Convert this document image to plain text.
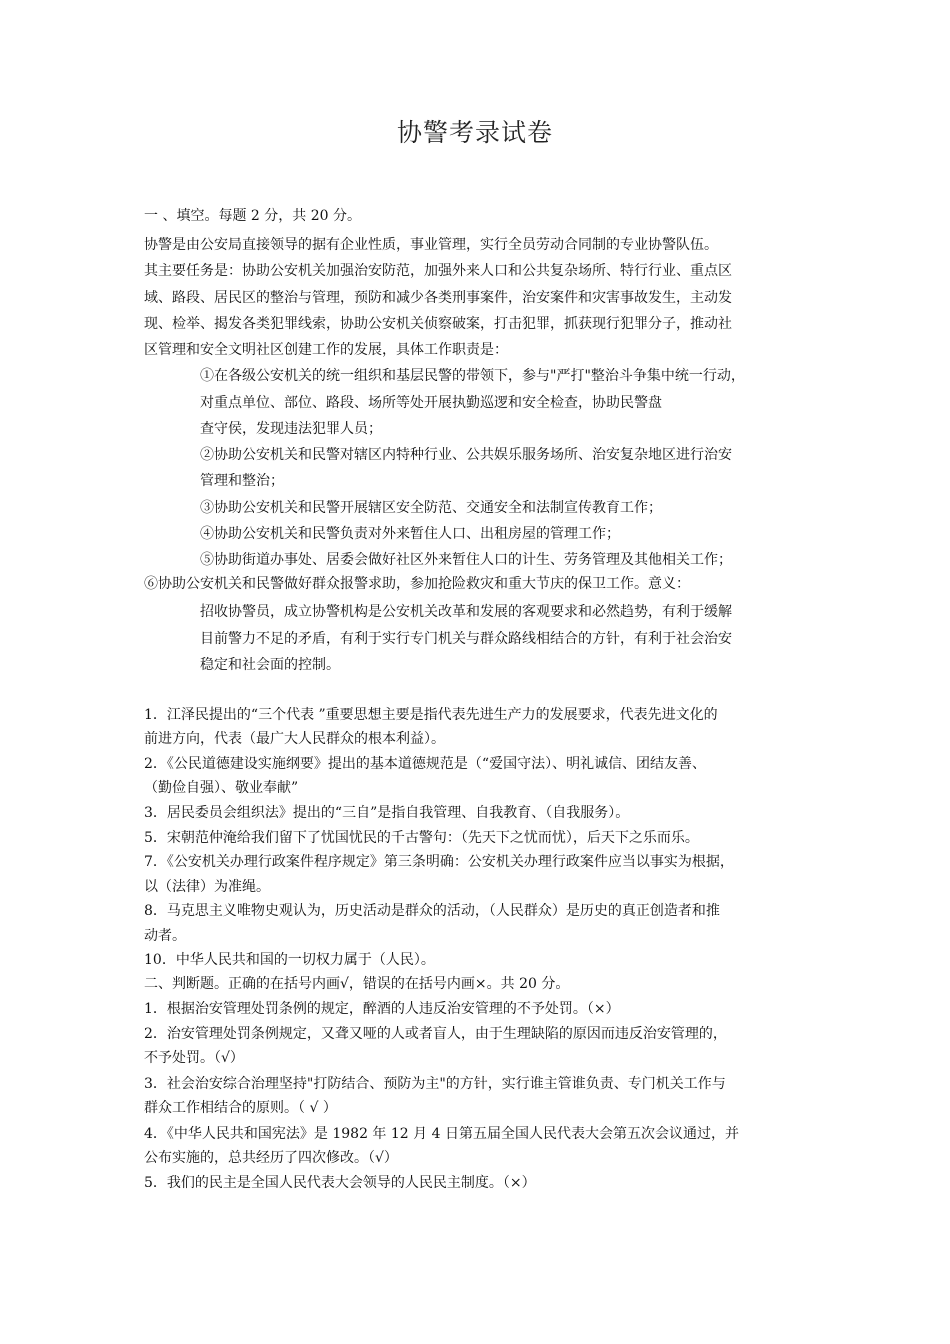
协警考录试卷
一 、填空。每题 2 分，共 20 分。
协警是由公安局直接领导的据有企业性质，事业管理，实行全员劳动合同制的专业协警队伍。
其主要任务是：协助公安机关加强治安防范，加强外来人口和公共复杂场所、特行行业、重点区
域、路段、居民区的整治与管理，预防和减少各类刑事案件，治安案件和灾害事故发生，主动发
现、检举、揭发各类犯罪线索，协助公安机关侦察破案，打击犯罪，抓获现行犯罪分子，推动社
区管理和安全文明社区创建工作的发展，具体工作职责是：
①在各级公安机关的统一组织和基层民警的带领下，参与"严打"整治斗争集中统一行动，
对重点单位、部位、路段、场所等处开展执勤巡逻和安全检查，协助民警盘
查守侯，发现违法犯罪人员；
②协助公安机关和民警对辖区内特种行业、公共娱乐服务场所、治安复杂地区进行治安
管理和整治；
③协助公安机关和民警开展辖区安全防范、交通安全和法制宣传教育工作；
④协助公安机关和民警负责对外来暂住人口、出租房屋的管理工作；
⑤协助街道办事处、居委会做好社区外来暂住人口的计生、劳务管理及其他相关工作；
⑥协助公安机关和民警做好群众报警求助，参加抢险救灾和重大节庆的保卫工作。意义：
招收协警员，成立协警机构是公安机关改革和发展的客观要求和必然趋势，有利于缓解
目前警力不足的矛盾，有利于实行专门机关与群众路线相结合的方针，有利于社会治安
稳定和社会面的控制。
1．江泽民提出的“三个代表 ”重要思想主要是指代表先进生产力的发展要求，代表先进文化的
前进方向，代表（最广大人民群众的根本利益）。
2．《公民道德建设实施纲要》提出的基本道德规范是（“爱国守法）、明礼诚信、团结友善、
（勤俭自强）、敬业奉献”
3．居民委员会组织法》提出的“三自”是指自我管理、自我教育、（自我服务）。
5．宋朝范仲淹给我们留下了忧国忧民的千古警句：（先天下之忧而忧），后天下之乐而乐。
7．《公安机关办理行政案件程序规定》第三条明确：公安机关办理行政案件应当以事实为根据，
以（法律）为准绳。
8．马克思主义唯物史观认为，历史活动是群众的活动，（人民群众）是历史的真正创造者和推
动者。
10．中华人民共和国的一切权力属于（人民）。
二、判断题。正确的在括号内画√，错误的在括号内画×。共 20 分。
1．根据治安管理处罚条例的规定，醉酒的人违反治安管理的不予处罚。（×）
2．治安管理处罚条例规定，又聋又哑的人或者盲人，由于生理缺陷的原因而违反治安管理的，
不予处罚。（√）
3．社会治安综合治理坚持"打防结合、预防为主"的方针，实行谁主管谁负责、专门机关工作与
群众工作相结合的原则。（ √ ）
4．《中华人民共和国宪法》是 1982 年 12 月 4 日第五届全国人民代表大会第五次会议通过，并
公布实施的，总共经历了四次修改。（√）
5．我们的民主是全国人民代表大会领导的人民民主制度。（×）
